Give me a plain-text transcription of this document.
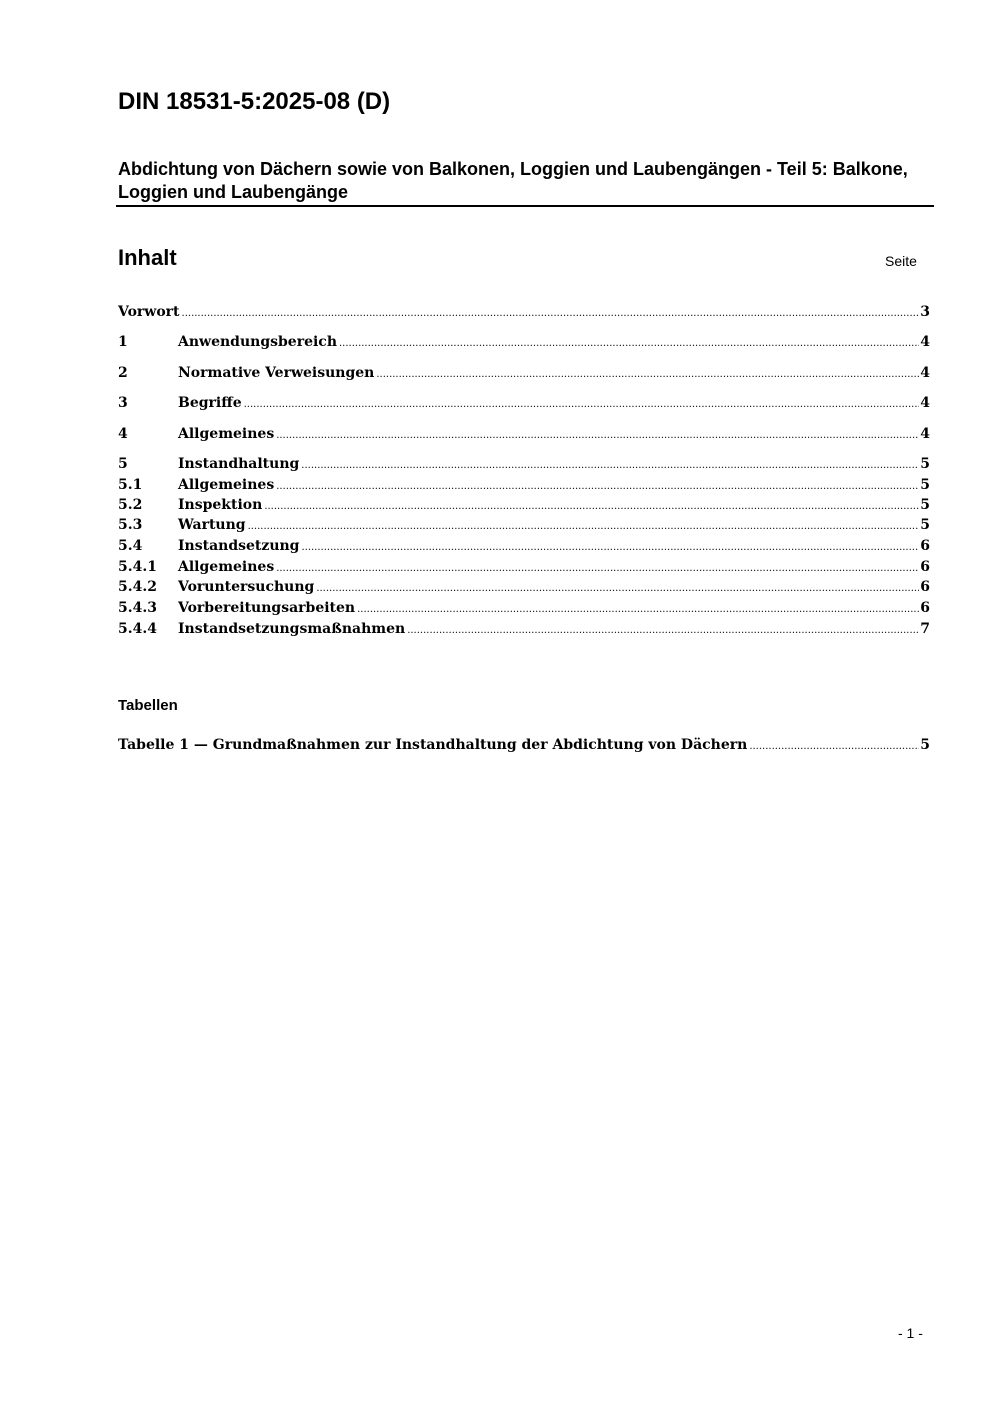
DIN 18531-5:2025-08 (D)
Abdichtung von Dächern sowie von Balkonen, Loggien und Laubengängen - Teil 5: Balkone, Loggien und Laubengänge
Inhalt	Seite
Vorwort .....	3
1	Anwendungsbereich .....	4
2	Normative Verweisungen .....	4
3	Begriffe .....	4
4	Allgemeines .....	4
5	Instandhaltung .....	5
5.1	Allgemeines .....	5
5.2	Inspektion .....	5
5.3	Wartung .....	5
5.4	Instandsetzung .....	6
5.4.1	Allgemeines .....	6
5.4.2	Voruntersuchung .....	6
5.4.3	Vorbereitungsarbeiten .....	6
5.4.4	Instandsetzungsmaßnahmen .....	7
Tabellen
Tabelle 1 — Grundmaßnahmen zur Instandhaltung der Abdichtung von Dächern .....	5
- 1 -
